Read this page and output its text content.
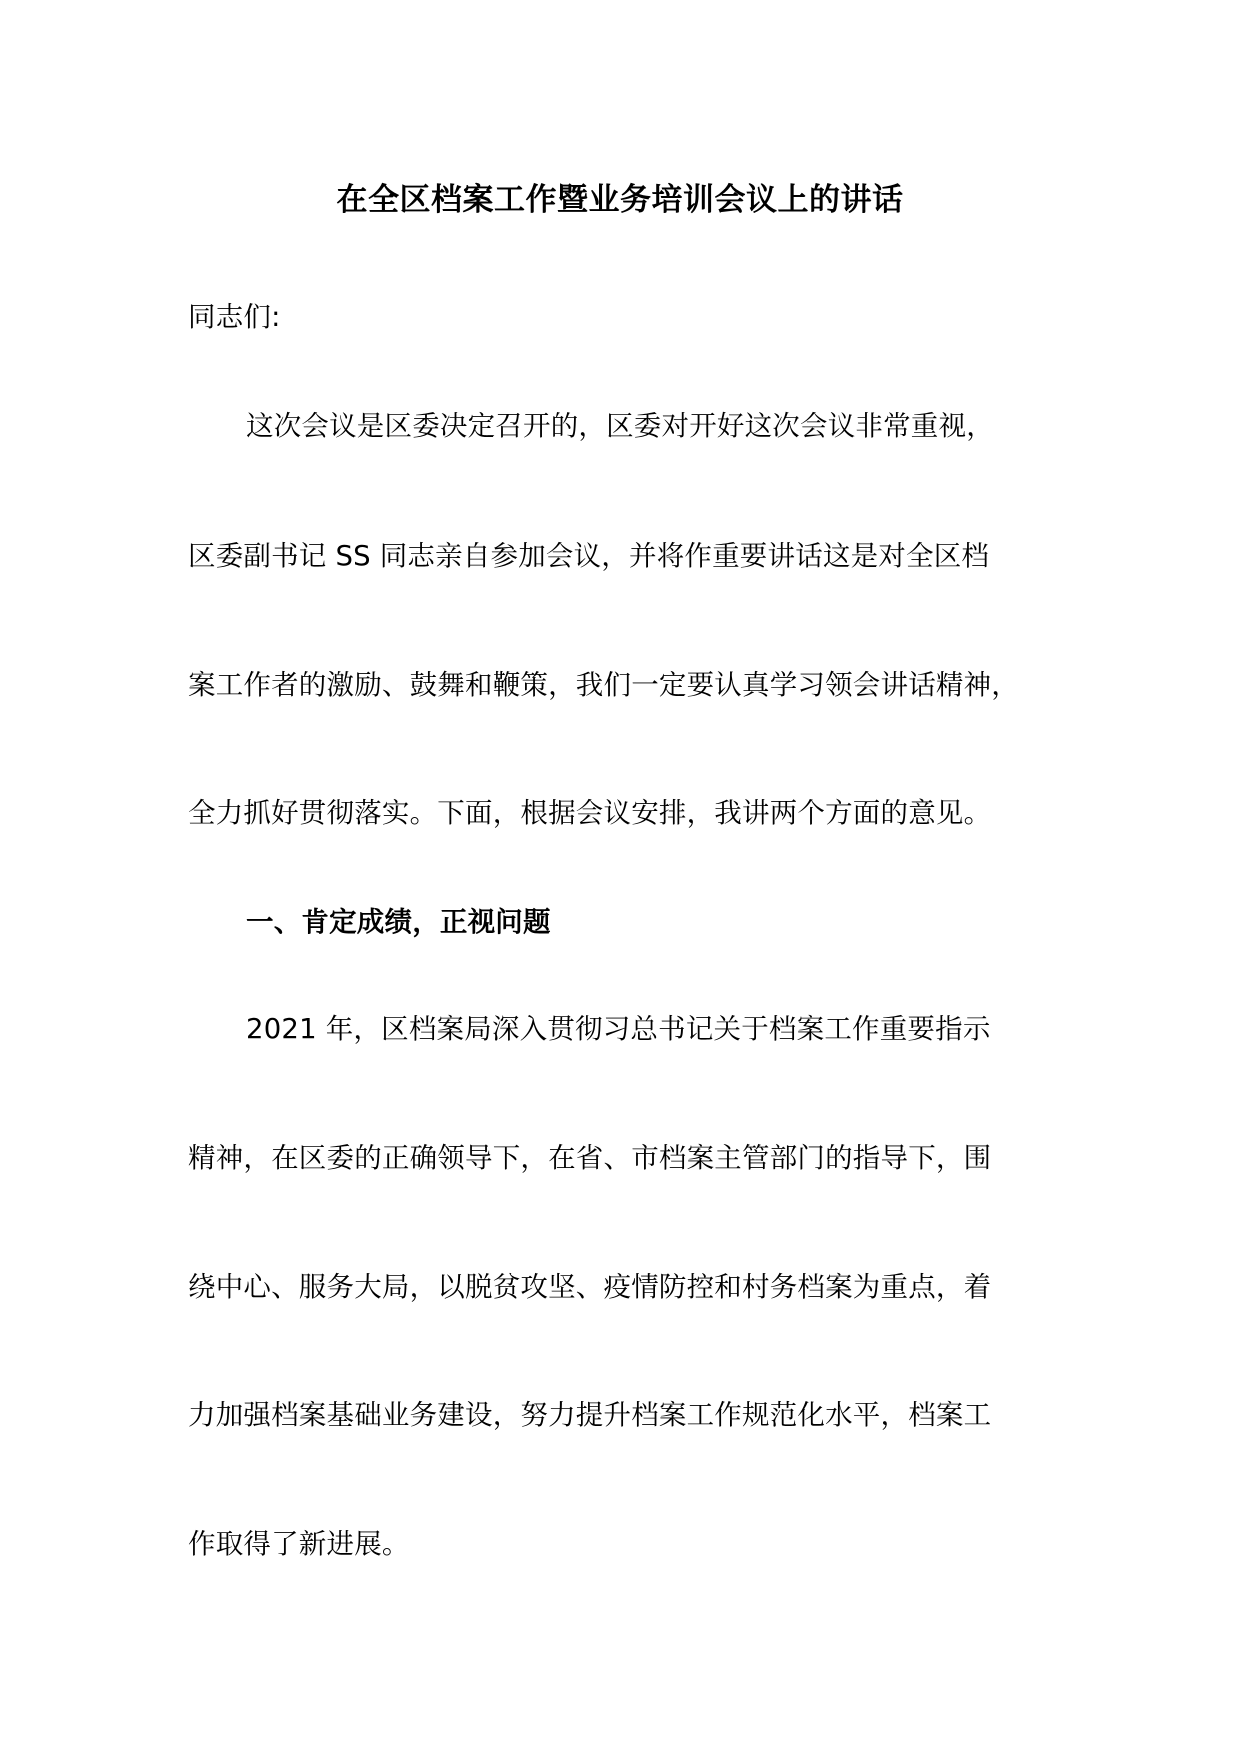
在全区档案工作暨业务培训会议上的讲话
同志们:
这次会议是区委决定召开的，区委对开好这次会议非常重视，
区委副书记 SS 同志亲自参加会议，并将作重要讲话这是对全区档
案工作者的激励、鼓舞和鞭策，我们一定要认真学习领会讲话精神，
全力抓好贯彻落实。下面，根据会议安排，我讲两个方面的意见。
一、肯定成绩，正视问题
2021 年，区档案局深入贯彻习总书记关于档案工作重要指示
精神，在区委的正确领导下，在省、市档案主管部门的指导下，围
绕中心、服务大局，以脱贫攻坚、疫情防控和村务档案为重点，着
力加强档案基础业务建设，努力提升档案工作规范化水平，档案工
作取得了新进展。
